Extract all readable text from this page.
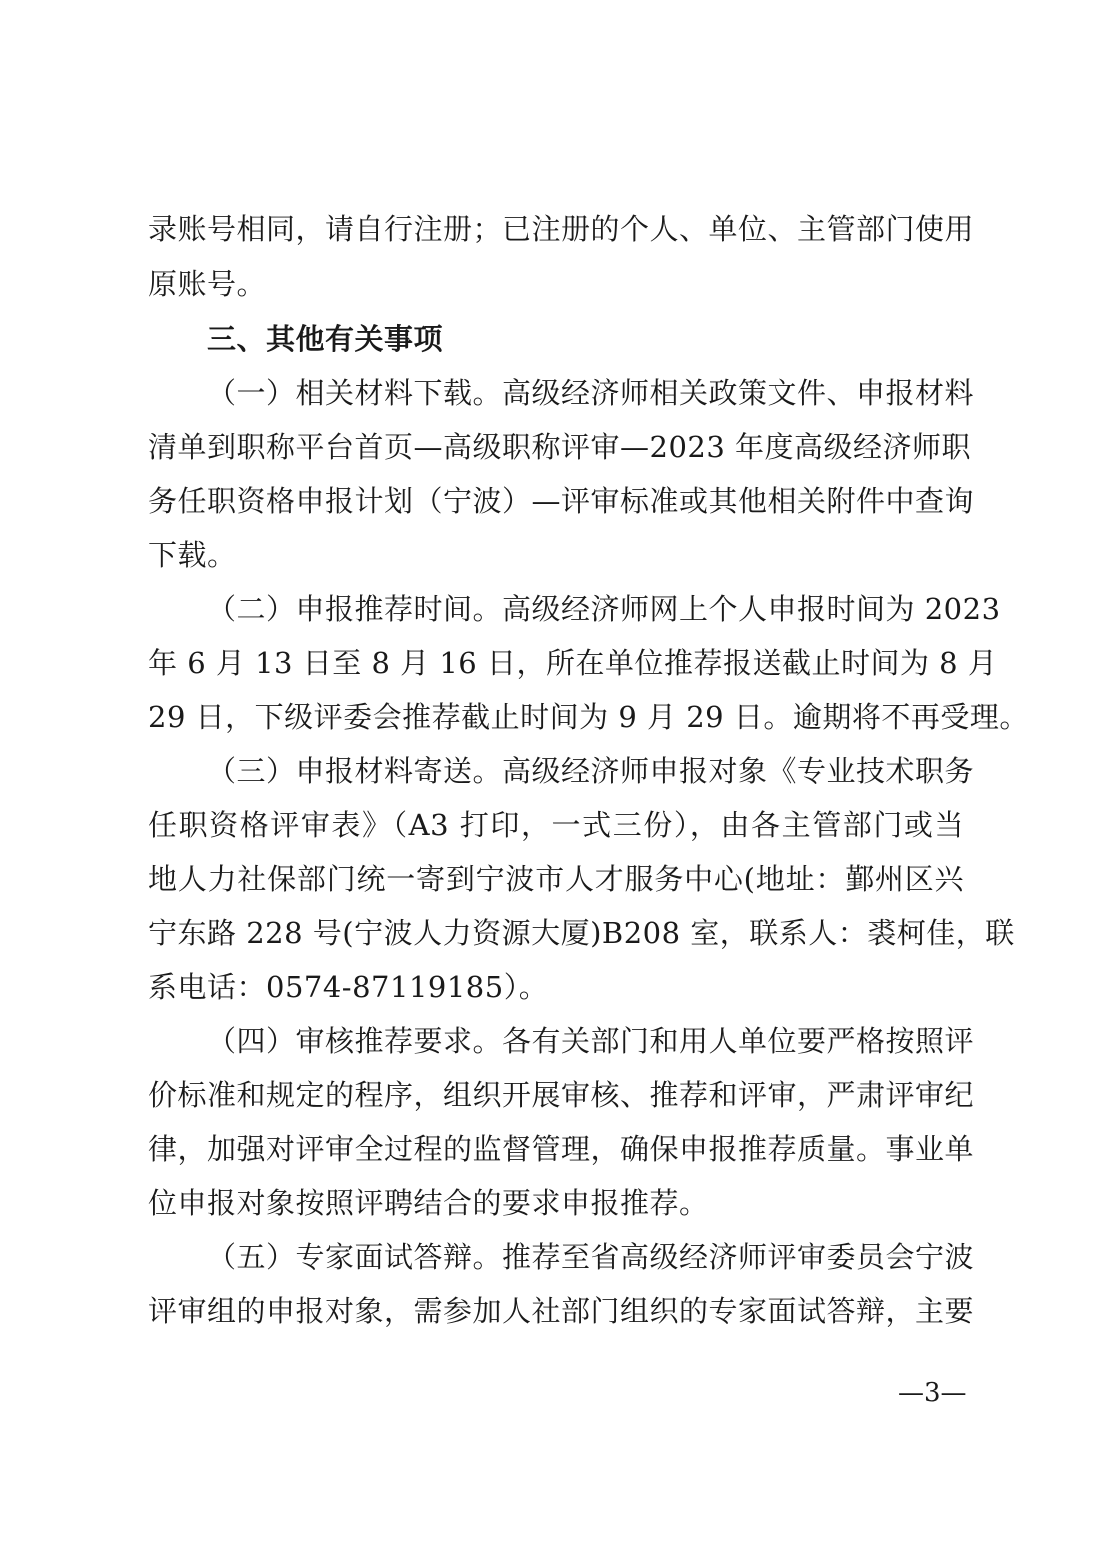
录账号相同，请自行注册；已注册的个人、单位、主管部门使用
原账号。
三、其他有关事项
（一）相关材料下载。高级经济师相关政策文件、申报材料
清单到职称平台首页—高级职称评审—2023 年度高级经济师职
务任职资格申报计划（宁波）—评审标准或其他相关附件中查询
下载。
（二）申报推荐时间。高级经济师网上个人申报时间为 2023
年 6 月 13 日至 8 月 16 日，所在单位推荐报送截止时间为 8 月
29 日，下级评委会推荐截止时间为 9 月 29 日。逾期将不再受理。
（三）申报材料寄送。高级经济师申报对象《专业技术职务
任职资格评审表》（A3 打印，一式三份），由各主管部门或当
地人力社保部门统一寄到宁波市人才服务中心(地址：鄞州区兴
宁东路 228 号(宁波人力资源大厦)B208 室，联系人：裘柯佳，联
系电话：0574-87119185）。
（四）审核推荐要求。各有关部门和用人单位要严格按照评
价标准和规定的程序，组织开展审核、推荐和评审，严肃评审纪
律，加强对评审全过程的监督管理，确保申报推荐质量。事业单
位申报对象按照评聘结合的要求申报推荐。
（五）专家面试答辩。推荐至省高级经济师评审委员会宁波
评审组的申报对象，需参加人社部门组织的专家面试答辩，主要
—3—
